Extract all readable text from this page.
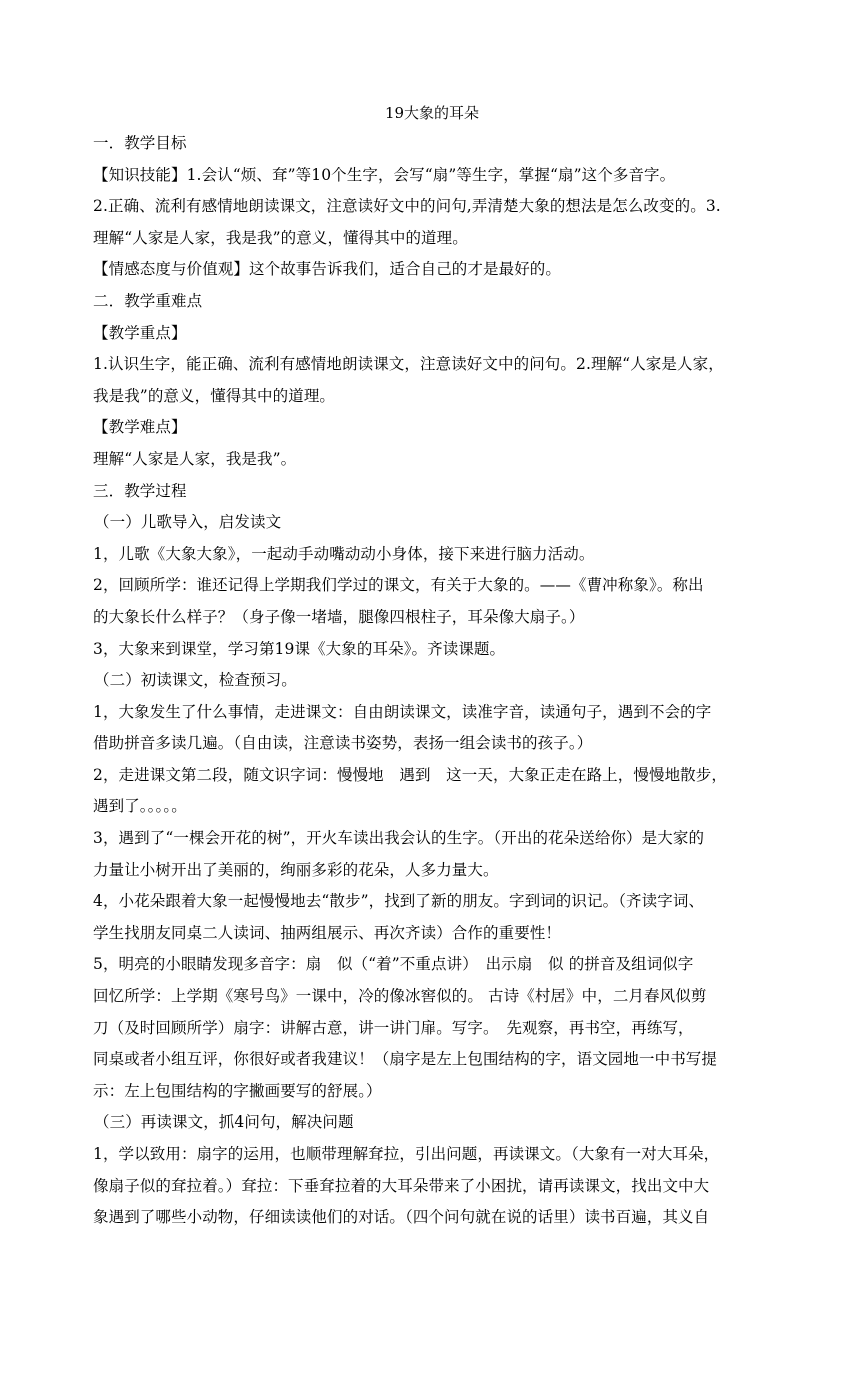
19大象的耳朵
一．教学目标
【知识技能】1.会认“烦、耷”等10个生字，会写“扇”等生字，掌握“扇”这个多音字。
2.正确、流利有感情地朗读课文，注意读好文中的问句,弄清楚大象的想法是怎么改变的。3.
理解“人家是人家，我是我”的意义，懂得其中的道理。
【情感态度与价值观】这个故事告诉我们，适合自己的才是最好的。
二．教学重难点
【教学重点】
1.认识生字，能正确、流利有感情地朗读课文，注意读好文中的问句。2.理解“人家是人家，
我是我”的意义，懂得其中的道理。
【教学难点】
理解“人家是人家，我是我”。
三．教学过程
（一）儿歌导入，启发读文
1，儿歌《大象大象》，一起动手动嘴动动小身体，接下来进行脑力活动。
2，回顾所学：谁还记得上学期我们学过的课文，有关于大象的。——《曹冲称象》。称出
的大象长什么样子？（身子像一堵墙，腿像四根柱子，耳朵像大扇子。）
3，大象来到课堂，学习第19课《大象的耳朵》。齐读课题。
（二）初读课文，检查预习。
1，大象发生了什么事情，走进课文：自由朗读课文，读准字音，读通句子，遇到不会的字
借助拼音多读几遍。（自由读，注意读书姿势，表扬一组会读书的孩子。）
2，走进课文第二段，随文识字词：慢慢地　遇到　这一天，大象正走在路上，慢慢地散步，
遇到了。。。。。
3，遇到了“一棵会开花的树”，开火车读出我会认的生字。（开出的花朵送给你）是大家的
力量让小树开出了美丽的，绚丽多彩的花朵，人多力量大。
4，小花朵跟着大象一起慢慢地去“散步”，找到了新的朋友。字到词的识记。（齐读字词、
学生找朋友同桌二人读词、抽两组展示、再次齐读）合作的重要性！
5，明亮的小眼睛发现多音字：扇　似（“着”不重点讲）　出示扇　似 的拼音及组词似字
回忆所学：上学期《寒号鸟》一课中，冷的像冰窖似的。 古诗《村居》中，二月春风似剪
刀（及时回顾所学）扇字：讲解古意，讲一讲门扉。写字。　先观察，再书空，再练写，
同桌或者小组互评，你很好或者我建议！（扇字是左上包围结构的字，语文园地一中书写提
示：左上包围结构的字撇画要写的舒展。）
（三）再读课文，抓4问句，解决问题
1，学以致用：扇字的运用，也顺带理解耷拉，引出问题，再读课文。（大象有一对大耳朵，
像扇子似的耷拉着。）耷拉：下垂耷拉着的大耳朵带来了小困扰，请再读课文，找出文中大
象遇到了哪些小动物，仔细读读他们的对话。（四个问句就在说的话里）读书百遍，其义自
